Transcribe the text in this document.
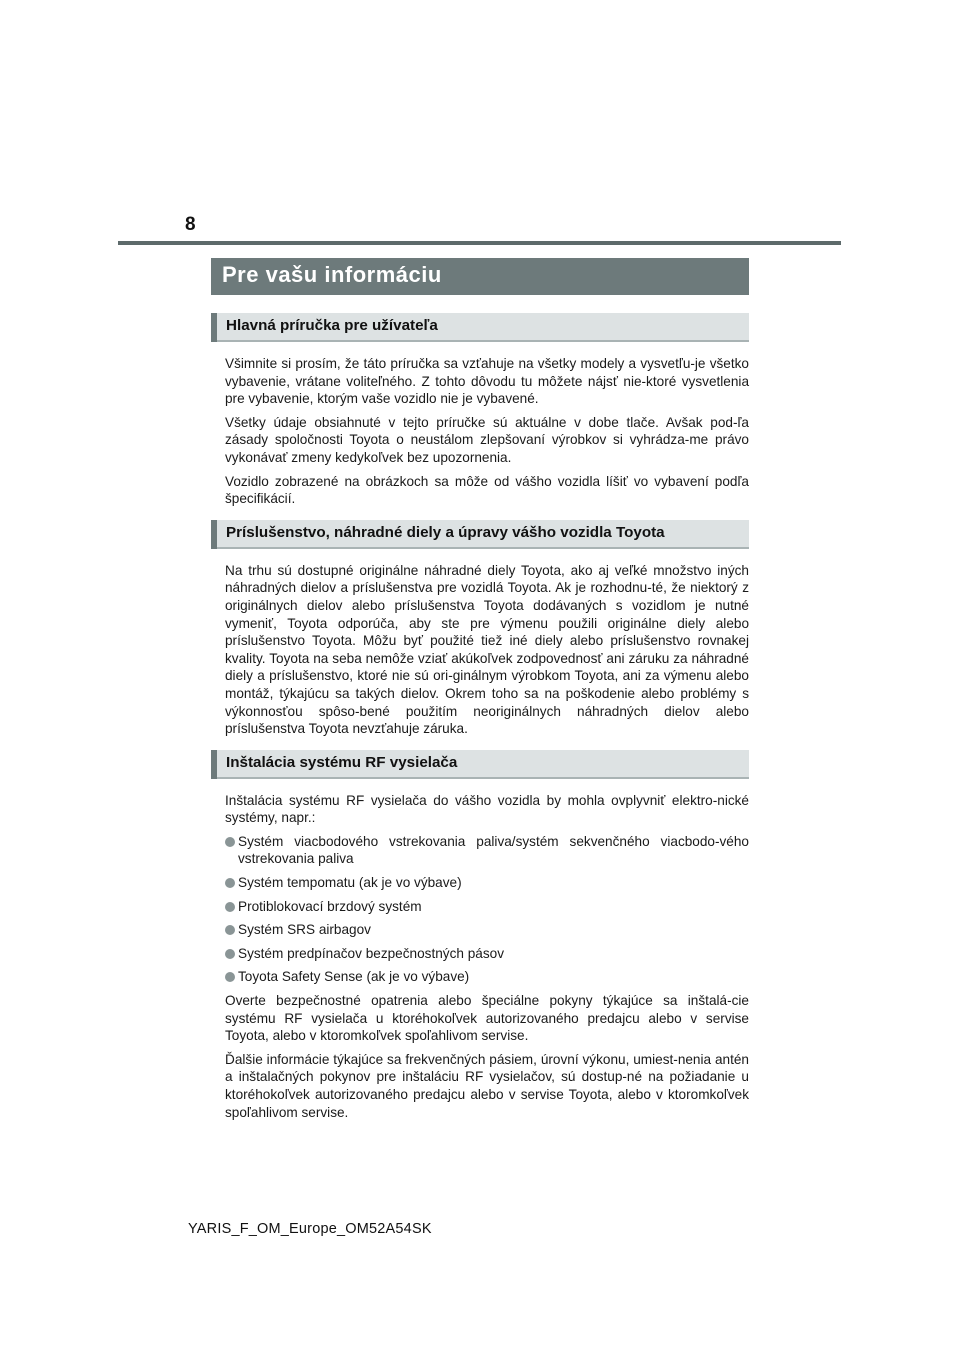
8
Pre vašu informáciu
Hlavná príručka pre užívateľa

Všimnite si prosím, že táto príručka sa vzťahuje na všetky modely a vysvetľu-je všetko vybavenie, vrátane voliteľného. Z tohto dôvodu tu môžete nájsť nie-ktoré vysvetlenia pre vybavenie, ktorým vaše vozidlo nie je vybavené.

Všetky údaje obsiahnuté v tejto príručke sú aktuálne v dobe tlače. Avšak pod-ľa zásady spoločnosti Toyota o neustálom zlepšovaní výrobkov si vyhrádza-me právo vykonávať zmeny kedykoľvek bez upozornenia.

Vozidlo zobrazené na obrázkoch sa môže od vášho vozidla líšiť vo vybavení podľa špecifikácií.

Príslušenstvo, náhradné diely a úpravy vášho vozidla Toyota

Na trhu sú dostupné originálne náhradné diely Toyota, ako aj veľké množstvo iných náhradných dielov a príslušenstva pre vozidlá Toyota. Ak je rozhodnu-té, že niektorý z originálnych dielov alebo príslušenstva Toyota dodávaných s vozidlom je nutné vymeniť, Toyota odporúča, aby ste pre výmenu použili originálne diely alebo príslušenstvo Toyota. Môžu byť použité tiež iné diely alebo príslušenstvo rovnakej kvality. Toyota na seba nemôže vziať akúkoľvek zodpovednosť ani záruku za náhradné diely a príslušenstvo, ktoré nie sú ori-ginálnym výrobkom Toyota, ani za výmenu alebo montáž, týkajúcu sa takých dielov. Okrem toho sa na poškodenie alebo problémy s výkonnosťou spôso-bené použitím neoriginálnych náhradných dielov alebo príslušenstva Toyota nevzťahuje záruka.

Inštalácia systému RF vysielača

Inštalácia systému RF vysielača do vášho vozidla by mohla ovplyvniť elektro-nické systémy, napr.:

Systém viacbodového vstrekovania paliva/systém sekvenčného viacbodo-vého vstrekovania paliva
Systém tempomatu (ak je vo výbave)
Protiblokovací brzdový systém
Systém SRS airbagov
Systém predpínačov bezpečnostných pásov
Toyota Safety Sense (ak je vo výbave)

Overte bezpečnostné opatrenia alebo špeciálne pokyny týkajúce sa inštalá-cie systému RF vysielača u ktoréhokoľvek autorizovaného predajcu alebo v servise Toyota, alebo v ktoromkoľvek spoľahlivom servise.

Ďalšie informácie týkajúce sa frekvenčných pásiem, úrovní výkonu, umiest-nenia antén a inštalačných pokynov pre inštaláciu RF vysielačov, sú dostup-né na požiadanie u ktoréhokoľvek autorizovaného predajcu alebo v servise Toyota, alebo v ktoromkoľvek spoľahlivom servise.

YARIS_F_OM_Europe_OM52A54SK
